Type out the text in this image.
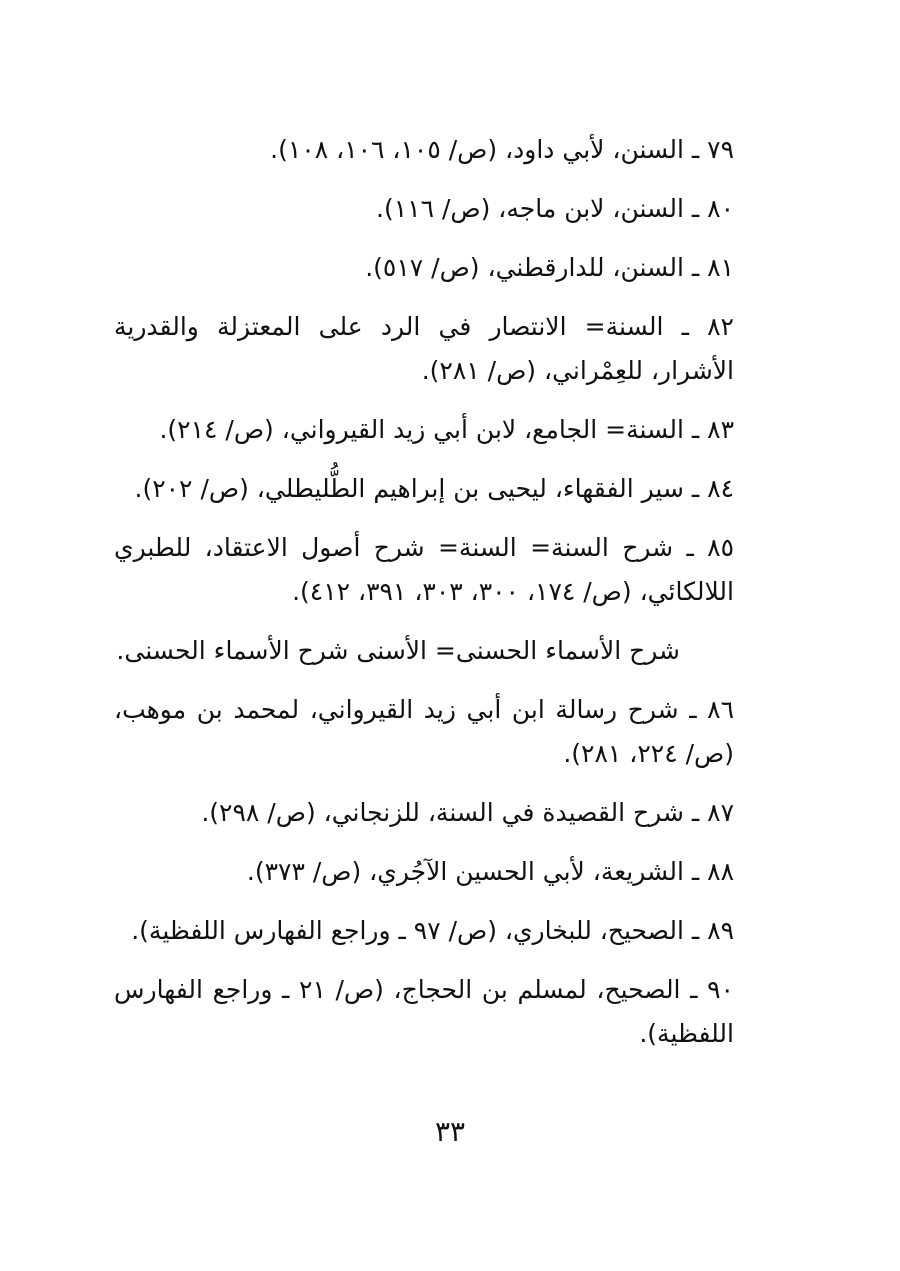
٧٩ ـ السنن، لأبي داود، (ص/ ١٠٥، ١٠٦، ١٠٨).
٨٠ ـ السنن، لابن ماجه، (ص/ ١١٦).
٨١ ـ السنن، للدارقطني، (ص/ ٥١٧).
٨٢ ـ السنة= الانتصار في الرد على المعتزلة والقدرية الأشرار، للعِمْراني، (ص/ ٢٨١).
٨٣ ـ السنة= الجامع، لابن أبي زيد القيرواني، (ص/ ٢١٤).
٨٤ ـ سير الفقهاء، ليحيى بن إبراهيم الطُّليطلي، (ص/ ٢٠٢).
٨٥ ـ شرح السنة= السنة= شرح أصول الاعتقاد، للطبري اللالكائي، (ص/ ١٧٤، ٣٠٠، ٣٠٣، ٣٩١، ٤١٢).
شرح الأسماء الحسنى= الأسنى شرح الأسماء الحسنى.
٨٦ ـ شرح رسالة ابن أبي زيد القيرواني، لمحمد بن موهب، (ص/ ٢٢٤، ٢٨١).
٨٧ ـ شرح القصيدة في السنة، للزنجاني، (ص/ ٢٩٨).
٨٨ ـ الشريعة، لأبي الحسين الآجُري، (ص/ ٣٧٣).
٨٩ ـ الصحيح، للبخاري، (ص/ ٩٧ ـ وراجع الفهارس اللفظية).
٩٠ ـ الصحيح، لمسلم بن الحجاج، (ص/ ٢١ ـ وراجع الفهارس اللفظية).
٣٣
